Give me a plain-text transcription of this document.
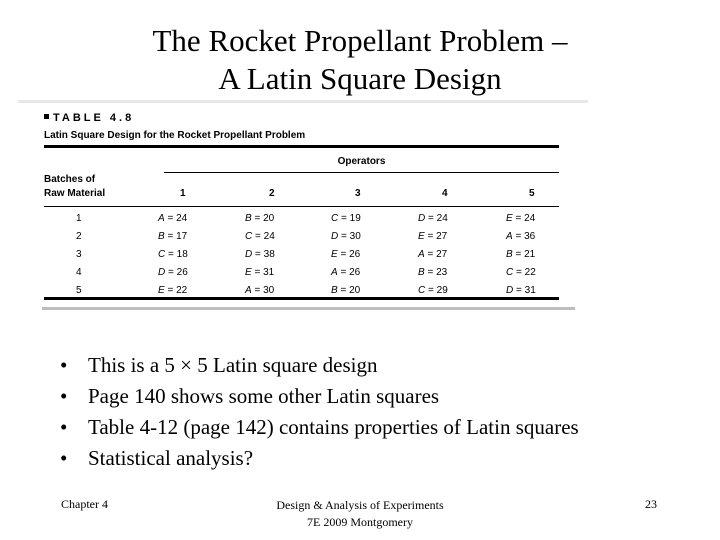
The Rocket Propellant Problem –
A Latin Square Design
TABLE 4.8
Latin Square Design for the Rocket Propellant Problem
Operators
Batches of
Raw Material	1	2	3	4	5
1	A = 24	B = 20	C = 19	D = 24	E = 24
2	B = 17	C = 24	D = 30	E = 27	A = 36
3	C = 18	D = 38	E = 26	A = 27	B = 21
4	D = 26	E = 31	A = 26	B = 23	C = 22
5	E = 22	A = 30	B = 20	C = 29	D = 31
• This is a 5 × 5 Latin square design
• Page 140 shows some other Latin squares
• Table 4-12 (page 142) contains properties of Latin squares
• Statistical analysis?
Chapter 4	Design & Analysis of Experiments
7E 2009 Montgomery
23
